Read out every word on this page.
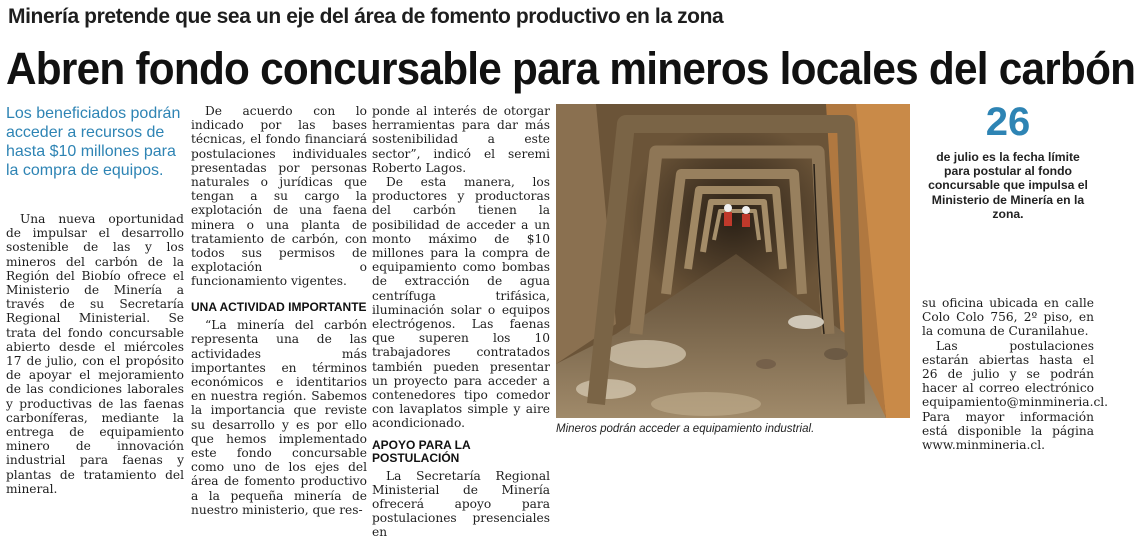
Minería pretende que sea un eje del área de fomento productivo en la zona
Abren fondo concursable para mineros locales del carbón
Los beneficiados podrán acceder a recursos de hasta $10 millones para la compra de equipos.

Una nueva oportunidad de impulsar el desarrollo sostenible de las y los mineros del carbón de la Región del Biobío ofrece el Ministerio de Minería a través de su Secretaría Regional Ministerial. Se trata del fondo concursable abierto desde el miércoles 17 de julio, con el propósito de apoyar el mejoramiento de las condiciones laborales y productivas de las faenas carboníferas, mediante la entrega de equipamiento minero de innovación industrial para faenas y plantas de tratamiento del mineral.

De acuerdo con lo indicado por las bases técnicas, el fondo financiará postulaciones individuales presentadas por personas naturales o jurídicas que tengan a su cargo la explotación de una faena minera o una planta de tratamiento de carbón, con todos sus permisos de explotación o funcionamiento vigentes.

UNA ACTIVIDAD IMPORTANTE

“La minería del carbón representa una de las actividades más importantes en términos económicos e identitarios en nuestra región. Sabemos la importancia que reviste su desarrollo y es por ello que hemos implementado este fondo concursable como uno de los ejes del área de fomento productivo a la pequeña minería de nuestro ministerio, que res-

ponde al interés de otorgar herramientas para dar más sostenibilidad a este sector”, indicó el seremi Roberto Lagos.

De esta manera, los productores y productoras del carbón tienen la posibilidad de acceder a un monto máximo de $10 millones para la compra de equipamiento como bombas de extracción de agua centrífuga trifásica, iluminación solar o equipos electrógenos. Las faenas que superen los 10 trabajadores contratados también pueden presentar un proyecto para acceder a contenedores tipo comedor con lavaplatos simple y aire acondicionado.

APOYO PARA LA POSTULACIÓN

La Secretaría Regional Ministerial de Minería ofrecerá apoyo para postulaciones presenciales en

Mineros podrán acceder a equipamiento industrial.
26
de julio es la fecha límite para postular al fondo concursable que impulsa el Ministerio de Minería en la zona.

su oficina ubicada en calle Colo Colo 756, 2º piso, en la comuna de Curanilahue.

Las postulaciones estarán abiertas hasta el 26 de julio y se podrán hacer al correo electrónico equipamiento@minmineria.cl. Para mayor información está disponible la página www.minmineria.cl.
